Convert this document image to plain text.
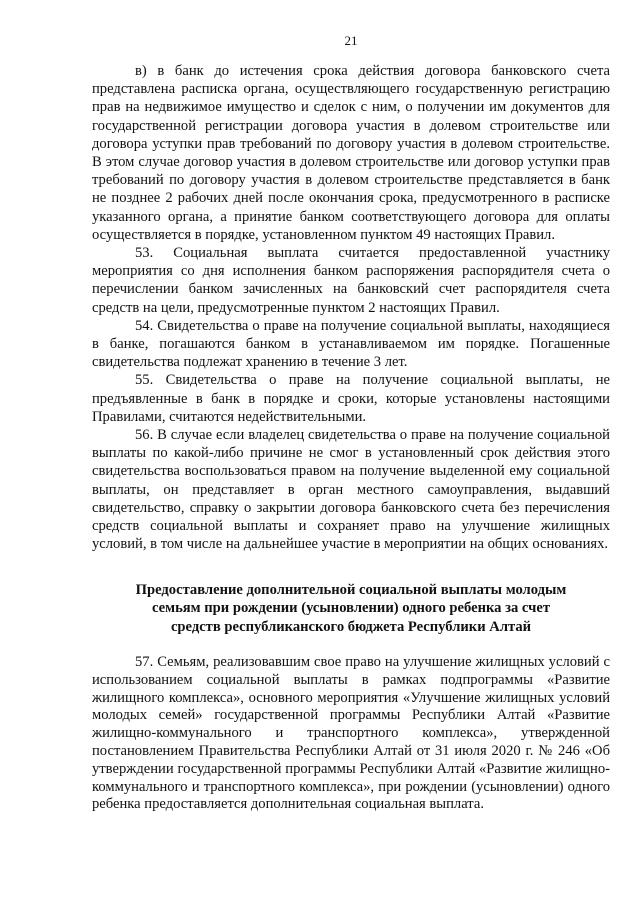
21

в) в банк до истечения срока действия договора банковского счета представлена расписка органа, осуществляющего государственную регистрацию прав на недвижимое имущество и сделок с ним, о получении им документов для государственной регистрации договора участия в долевом строительстве или договора уступки прав требований по договору участия в долевом строительстве. В этом случае договор участия в долевом строительстве или договор уступки прав требований по договору участия в долевом строительстве представляется в банк не позднее 2 рабочих дней после окончания срока, предусмотренного в расписке указанного органа, а принятие банком соответствующего договора для оплаты осуществляется в порядке, установленном пунктом 49 настоящих Правил.

53. Социальная выплата считается предоставленной участнику мероприятия со дня исполнения банком распоряжения распорядителя счета о перечислении банком зачисленных на банковский счет распорядителя счета средств на цели, предусмотренные пунктом 2 настоящих Правил.

54. Свидетельства о праве на получение социальной выплаты, находящиеся в банке, погашаются банком в устанавливаемом им порядке. Погашенные свидетельства подлежат хранению в течение 3 лет.

55. Свидетельства о праве на получение социальной выплаты, не предъявленные в банк в порядке и сроки, которые установлены настоящими Правилами, считаются недействительными.

56. В случае если владелец свидетельства о праве на получение социальной выплаты по какой-либо причине не смог в установленный срок действия этого свидетельства воспользоваться правом на получение выделенной ему социальной выплаты, он представляет в орган местного самоуправления, выдавший свидетельство, справку о закрытии договора банковского счета без перечисления средств социальной выплаты и сохраняет право на улучшение жилищных условий, в том числе на дальнейшее участие в мероприятии на общих основаниях.

Предоставление дополнительной социальной выплаты молодым
семьям при рождении (усыновлении) одного ребенка за счет
средств республиканского бюджета Республики Алтай

57. Семьям, реализовавшим свое право на улучшение жилищных условий с использованием социальной выплаты в рамках подпрограммы «Развитие жилищного комплекса», основного мероприятия «Улучшение жилищных условий молодых семей» государственной программы Республики Алтай «Развитие жилищно-коммунального и транспортного комплекса», утвержденной постановлением Правительства Республики Алтай от 31 июля 2020 г. № 246 «Об утверждении государственной программы Республики Алтай «Развитие жилищно-коммунального и транспортного комплекса», при рождении (усыновлении) одного ребенка предоставляется дополнительная социальная выплата.
